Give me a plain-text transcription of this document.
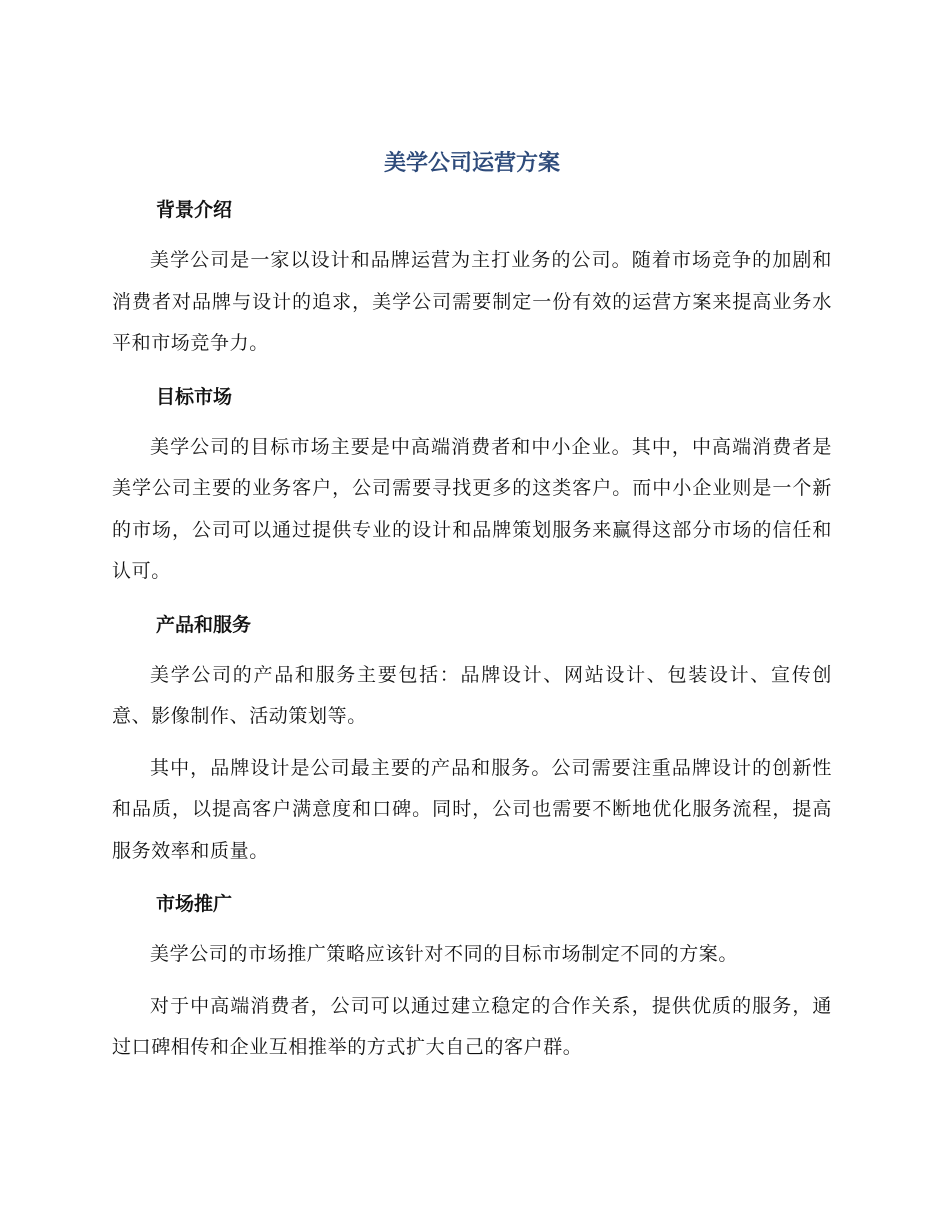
美学公司运营方案
背景介绍

美学公司是一家以设计和品牌运营为主打业务的公司。随着市场竞争的加剧和消费者对品牌与设计的追求，美学公司需要制定一份有效的运营方案来提高业务水平和市场竞争力。

目标市场

美学公司的目标市场主要是中高端消费者和中小企业。其中，中高端消费者是美学公司主要的业务客户，公司需要寻找更多的这类客户。而中小企业则是一个新的市场，公司可以通过提供专业的设计和品牌策划服务来赢得这部分市场的信任和认可。

产品和服务

美学公司的产品和服务主要包括：品牌设计、网站设计、包装设计、宣传创意、影像制作、活动策划等。

其中，品牌设计是公司最主要的产品和服务。公司需要注重品牌设计的创新性和品质，以提高客户满意度和口碑。同时，公司也需要不断地优化服务流程，提高服务效率和质量。

市场推广

美学公司的市场推广策略应该针对不同的目标市场制定不同的方案。

对于中高端消费者，公司可以通过建立稳定的合作关系，提供优质的服务，通过口碑相传和企业互相推举的方式扩大自己的客户群。
